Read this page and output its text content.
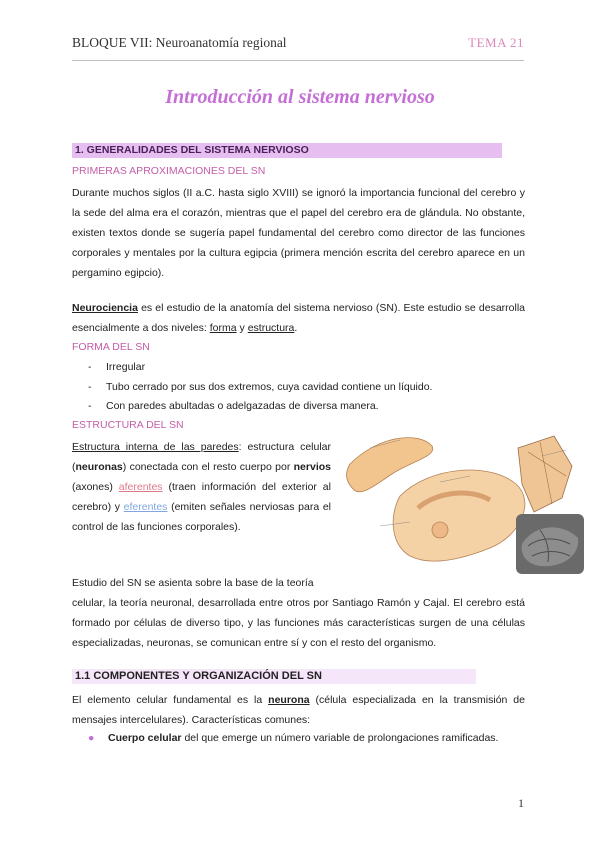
BLOQUE VII: Neuroanatomía regional	TEMA 21
Introducción al sistema nervioso
1. GENERALIDADES DEL SISTEMA NERVIOSO
PRIMERAS APROXIMACIONES DEL SN
Durante muchos siglos (II a.C. hasta siglo XVIII) se ignoró la importancia funcional del cerebro y la sede del alma era el corazón, mientras que el papel del cerebro era de glándula. No obstante, existen textos donde se sugería papel fundamental del cerebro como director de las funciones corporales y mentales por la cultura egipcia (primera mención escrita del cerebro aparece en un pergamino egipcio).
Neurociencia es el estudio de la anatomía del sistema nervioso (SN). Este estudio se desarrolla esencialmente a dos niveles: forma y estructura.
FORMA DEL SN
-	Irregular
-	Tubo cerrado por sus dos extremos, cuya cavidad contiene un líquido.
-	Con paredes abultadas o adelgazadas de diversa manera.
ESTRUCTURA DEL SN
Estructura interna de las paredes: estructura celular (neuronas) conectada con el resto cuerpo por nervios (axones) aferentes (traen información del exterior al cerebro) y eferentes (emiten señales nerviosas para el control de las funciones corporales).
Estudio del SN se asienta sobre la base de la teoría
celular, la teoría neuronal, desarrollada entre otros por Santiago Ramón y Cajal. El cerebro está formado por células de diverso tipo, y las funciones más características surgen de una células especializadas, neuronas, se comunican entre sí y con el resto del organismo.
1.1 COMPONENTES Y ORGANIZACIÓN DEL SN
El elemento celular fundamental es la neurona (célula especializada en la transmisión de mensajes intercelulares). Características comunes:
●	Cuerpo celular del que emerge un número variable de prolongaciones ramificadas.
1
